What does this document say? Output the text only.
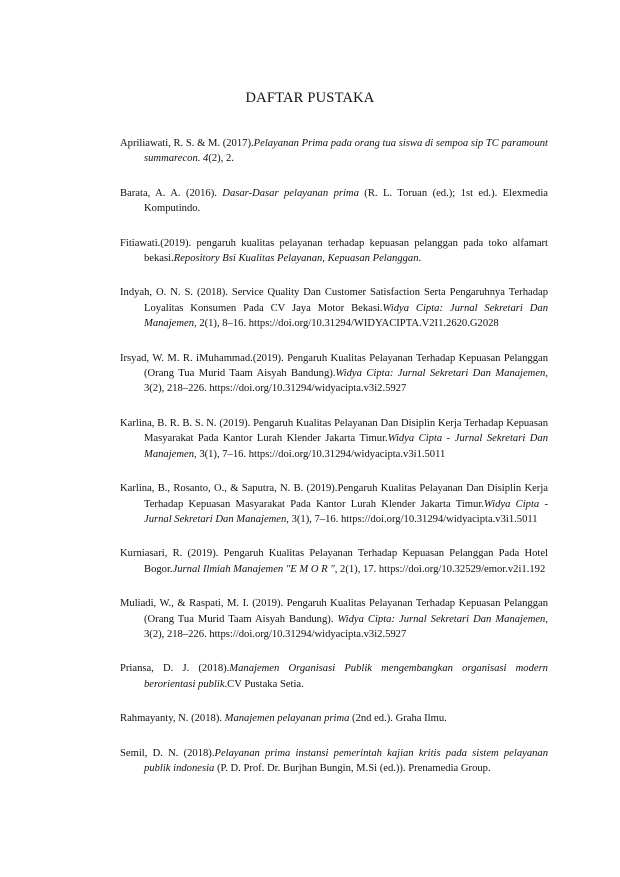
DAFTAR PUSTAKA

Apriliawati, R. S. & M. (2017).Pelayanan Prima pada orang tua siswa di sempoa sip TC paramount summarecon. 4(2), 2.

Barata, A. A. (2016). Dasar-Dasar pelayanan prima (R. L. Toruan (ed.); 1st ed.). Elexmedia Komputindo.

Fitiawati.(2019). pengaruh kualitas pelayanan terhadap kepuasan pelanggan pada toko alfamart bekasi.Repository Bsi Kualitas Pelayanan, Kepuasan Pelanggan.

Indyah, O. N. S. (2018). Service Quality Dan Customer Satisfaction Serta Pengaruhnya Terhadap Loyalitas Konsumen Pada CV Jaya Motor Bekasi.Widya Cipta: Jurnal Sekretari Dan Manajemen, 2(1), 8–16. https://doi.org/10.31294/WIDYACIPTA.V2I1.2620.G2028

Irsyad, W. M. R. iMuhammad.(2019). Pengaruh Kualitas Pelayanan Terhadap Kepuasan Pelanggan (Orang Tua Murid Taam Aisyah Bandung).Widya Cipta: Jurnal Sekretari Dan Manajemen, 3(2), 218–226. https://doi.org/10.31294/widyacipta.v3i2.5927

Karlina, B. R. B. S. N. (2019). Pengaruh Kualitas Pelayanan Dan Disiplin Kerja Terhadap Kepuasan Masyarakat Pada Kantor Lurah Klender Jakarta Timur.Widya Cipta - Jurnal Sekretari Dan Manajemen, 3(1), 7–16. https://doi.org/10.31294/widyacipta.v3i1.5011

Karlina, B., Rosanto, O., & Saputra, N. B. (2019).Pengaruh Kualitas Pelayanan Dan Disiplin Kerja Terhadap Kepuasan Masyarakat Pada Kantor Lurah Klender Jakarta Timur.Widya Cipta - Jurnal Sekretari Dan Manajemen, 3(1), 7–16. https://doi.org/10.31294/widyacipta.v3i1.5011

Kurniasari, R. (2019). Pengaruh Kualitas Pelayanan Terhadap Kepuasan Pelanggan Pada Hotel Bogor.Jurnal Ilmiah Manajemen "E M O R ", 2(1), 17. https://doi.org/10.32529/emor.v2i1.192

Muliadi, W., & Raspati, M. I. (2019). Pengaruh Kualitas Pelayanan Terhadap Kepuasan Pelanggan (Orang Tua Murid Taam Aisyah Bandung). Widya Cipta: Jurnal Sekretari Dan Manajemen, 3(2), 218–226. https://doi.org/10.31294/widyacipta.v3i2.5927

Priansa, D. J. (2018).Manajemen Organisasi Publik mengembangkan organisasi modern berorientasi publik.CV Pustaka Setia.

Rahmayanty, N. (2018). Manajemen pelayanan prima (2nd ed.). Graha Ilmu.

Semil, D. N. (2018).Pelayanan prima instansi pemerintah kajian kritis pada sistem pelayanan publik indonesia (P. D. Prof. Dr. Burjhan Bungin, M.Si (ed.)). Prenamedia Group.
